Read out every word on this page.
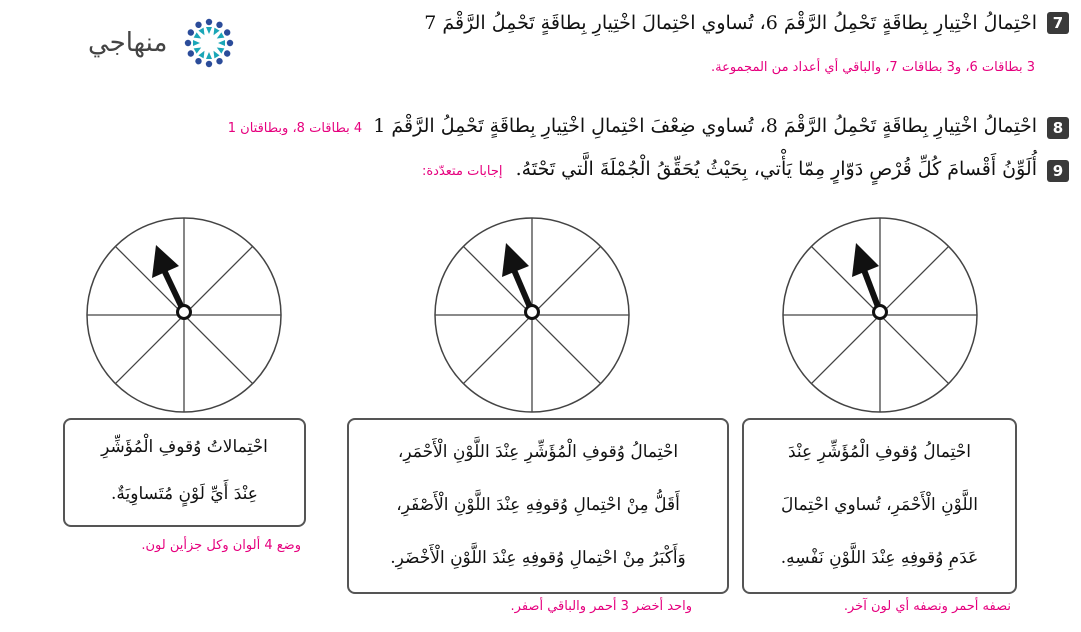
منهاجي
7
احْتِمالُ اخْتِيارِ بِطاقَةٍ تَحْمِلُ الرَّقْمَ 6، تُساوي احْتِمالَ اخْتِيارِ بِطاقَةٍ تَحْمِلُ الرَّقْمَ 7
3 بطاقات 6، و3 بطاقات 7، والباقي أي أعداد من المجموعة.
8
احْتِمالُ اخْتِيارِ بِطاقَةٍ تَحْمِلُ الرَّقْمَ 8، تُساوي ضِعْفَ احْتِمالِ اخْتِيارِ بِطاقَةٍ تَحْمِلُ الرَّقْمَ 1 4 بطاقات 8، وبطاقتان 1
9
أُلَوِّنُ أَقْسامَ كُلِّ قُرْصٍ دَوّارٍ مِمّا يَأْتي، بِحَيْثُ يُحَقِّقُ الْجُمْلَةَ الَّتي تَحْتَهُ. إجابات متعدّدة:
احْتِمالُ وُقوفِ الْمُؤَشِّرِ عِنْدَ
اللَّوْنِ الْأَحْمَرِ، تُساوي احْتِمالَ
عَدَمِ وُقوفِهِ عِنْدَ اللَّوْنِ نَفْسِهِ.
نصفه أحمر ونصفه أي لون آخر.
احْتِمالُ وُقوفِ الْمُؤَشِّرِ عِنْدَ اللَّوْنِ الْأَحْمَرِ،
أَقَلُّ مِنْ احْتِمالِ وُقوفِهِ عِنْدَ اللَّوْنِ الْأَصْفَرِ،
وَأَكْبَرُ مِنْ احْتِمالِ وُقوفِهِ عِنْدَ اللَّوْنِ الْأَخْضَرِ.
واحد أخضر 3 أحمر والباقي أصفر.
احْتِمالاتُ وُقوفِ الْمُؤَشِّرِ
عِنْدَ أَيِّ لَوْنٍ مُتَساوِيَةٌ.
وضع 4 ألوان وكل جزأين لون.
